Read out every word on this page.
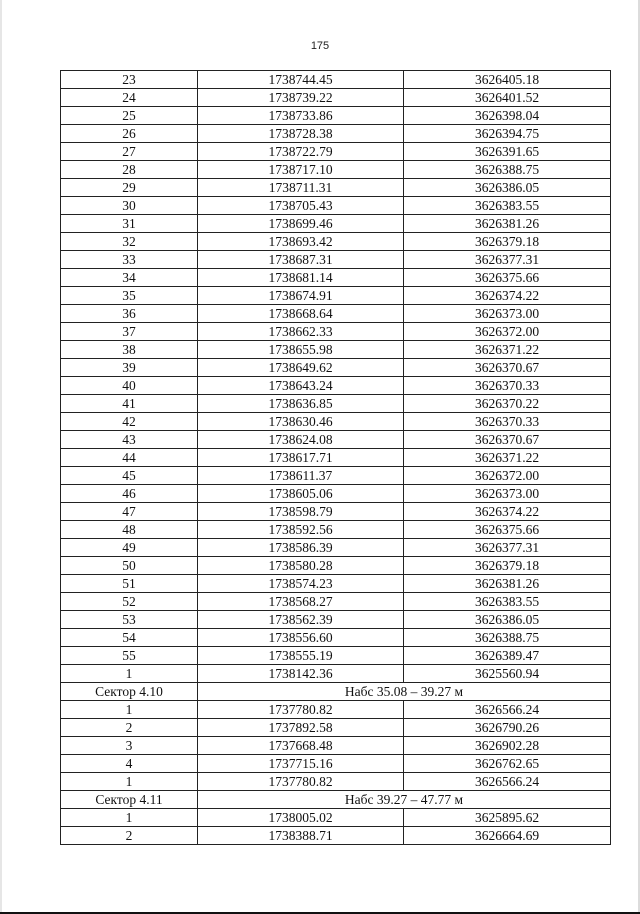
175
23	1738744.45	3626405.18
24	1738739.22	3626401.52
25	1738733.86	3626398.04
26	1738728.38	3626394.75
27	1738722.79	3626391.65
28	1738717.10	3626388.75
29	1738711.31	3626386.05
30	1738705.43	3626383.55
31	1738699.46	3626381.26
32	1738693.42	3626379.18
33	1738687.31	3626377.31
34	1738681.14	3626375.66
35	1738674.91	3626374.22
36	1738668.64	3626373.00
37	1738662.33	3626372.00
38	1738655.98	3626371.22
39	1738649.62	3626370.67
40	1738643.24	3626370.33
41	1738636.85	3626370.22
42	1738630.46	3626370.33
43	1738624.08	3626370.67
44	1738617.71	3626371.22
45	1738611.37	3626372.00
46	1738605.06	3626373.00
47	1738598.79	3626374.22
48	1738592.56	3626375.66
49	1738586.39	3626377.31
50	1738580.28	3626379.18
51	1738574.23	3626381.26
52	1738568.27	3626383.55
53	1738562.39	3626386.05
54	1738556.60	3626388.75
55	1738555.19	3626389.47
1	1738142.36	3625560.94
Сектор 4.10	Набс 35.08 – 39.27 м	
1	1737780.82	3626566.24
2	1737892.58	3626790.26
3	1737668.48	3626902.28
4	1737715.16	3626762.65
1	1737780.82	3626566.24
Сектор 4.11	Набс 39.27 – 47.77 м	
1	1738005.02	3625895.62
2	1738388.71	3626664.69
